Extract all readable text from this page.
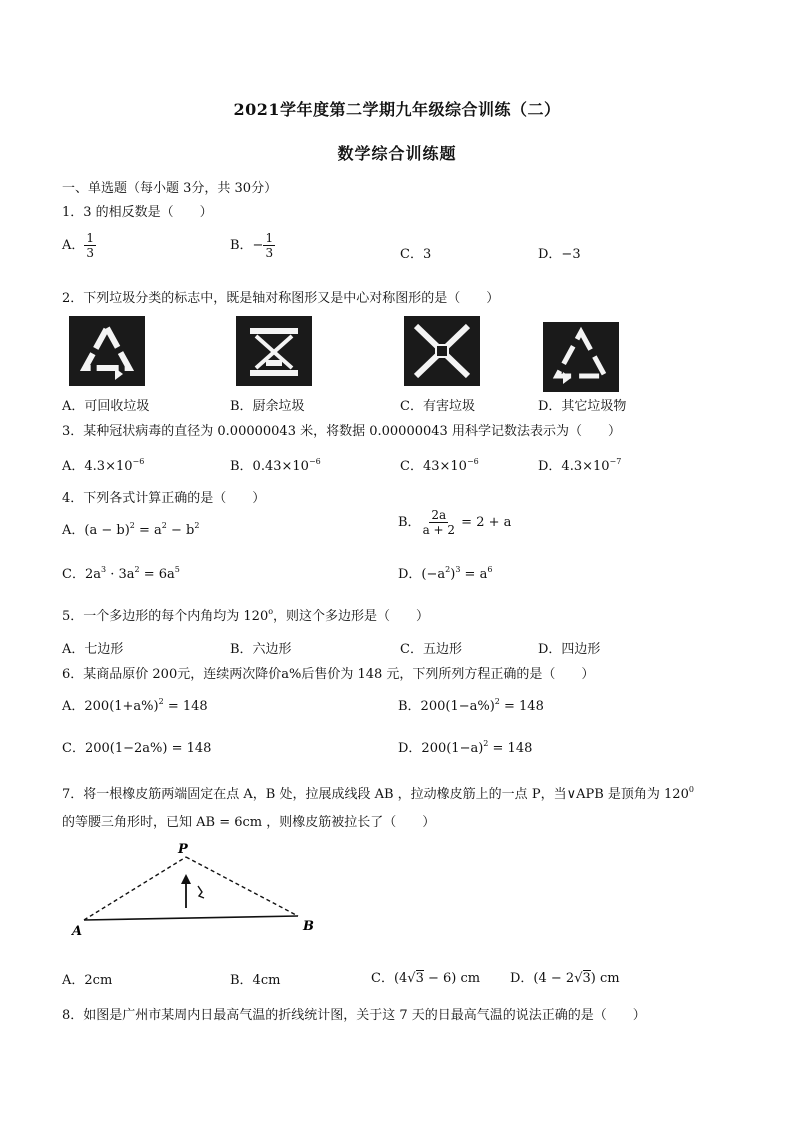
2021学年度第二学期九年级综合训练（二）
数学综合训练题
一、单选题（每小题 3分，共 30分）
1．3 的相反数是（　　）
A． $\frac{1}{3}$	B．− $\frac{1}{3}$	C．3	D．−3
2．下列垃圾分类的标志中，既是轴对称图形又是中心对称图形的是（　　）
A．可回收垃圾	B．厨余垃圾	C．有害垃圾	D．其它垃圾物
3．某种冠状病毒的直径为 0.00000043 米，将数据 0.00000043 用科学记数法表示为（　　）
A．$4.3\times 10^{-6}$	B．$0.43\times 10^{-6}$	C．$43\times 10^{-6}$	D．$4.3\times 10^{-7}$
4．下列各式计算正确的是（　　）
A．$(a - b)^2 = a^2 - b^2$	B． $\frac{2a}{a + 2} = 2 + a$
C．$2a^3 \cdot 3a^2 = 6a^5$	D．$(-a^2)^3 = a^6$
5．一个多边形的每个内角均为 120$^o$，则这个多边形是（　　）
A．七边形	B．六边形	C．五边形	D．四边形
6．某商品原价 200元，连续两次降价a%后售价为 148 元，下列所列方程正确的是（　　）
A．$200(1+a\%)^2 = 148$	B．$200(1-a\%)^2 = 148$
C．200(1−2a%) = 148	D．$200(1-a)^2 = 148$
7．将一根橡皮筋两端固定在点 A，B 处，拉展成线段 AB ，拉动橡皮筋上的一点 P，当∨APB 是顶角为 $120^0$
的等腰三角形时，已知 AB = 6cm ，则橡皮筋被拉长了（　　）
P
A	B
A．2cm	B．4cm	C．(4√3 − 6) cm D．(4 − 2√3) cm
8．如图是广州市某周内日最高气温的折线统计图，关于这 7 天的日最高气温的说法正确的是（　　）
